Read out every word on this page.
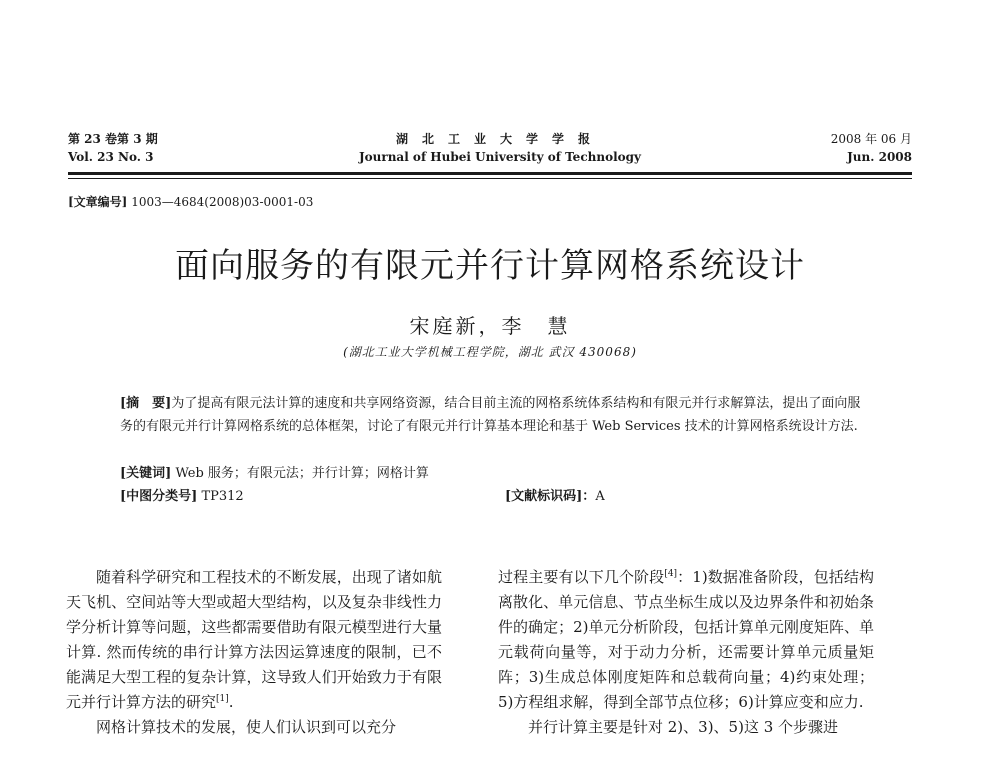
第 23 卷第 3 期
Vol. 23 No. 3
湖北工业大学学报
Journal of Hubei University of Technology
2008 年 06 月
Jun. 2008
[文章编号] 1003—4684(2008)03-0001-03
面向服务的有限元并行计算网格系统设计
宋庭新，李　慧
(湖北工业大学机械工程学院，湖北 武汉 430068)
[摘　要]为了提高有限元法计算的速度和共享网络资源，结合目前主流的网格系统体系结构和有限元并行求解算法，提出了面向服务的有限元并行计算网格系统的总体框架，讨论了有限元并行计算基本理论和基于 Web Services 技术的计算网格系统设计方法.
[关键词] Web 服务；有限元法；并行计算；网格计算
[中图分类号] TP312	[文献标识码]：A

随着科学研究和工程技术的不断发展，出现了诸如航天飞机、空间站等大型或超大型结构，以及复杂非线性力学分析计算等问题，这些都需要借助有限元模型进行大量计算. 然而传统的串行计算方法因运算速度的限制，已不能满足大型工程的复杂计算，这导致人们开始致力于有限元并行计算方法的研究[1].

网格计算技术的发展，使人们认识到可以充分

过程主要有以下几个阶段[4]：1)数据准备阶段，包括结构离散化、单元信息、节点坐标生成以及边界条件和初始条件的确定；2)单元分析阶段，包括计算单元刚度矩阵、单元载荷向量等，对于动力分析，还需要计算单元质量矩阵；3)生成总体刚度矩阵和总载荷向量；4)约束处理；5)方程组求解，得到全部节点位移；6)计算应变和应力.

并行计算主要是针对 2)、3)、5)这 3 个步骤进
